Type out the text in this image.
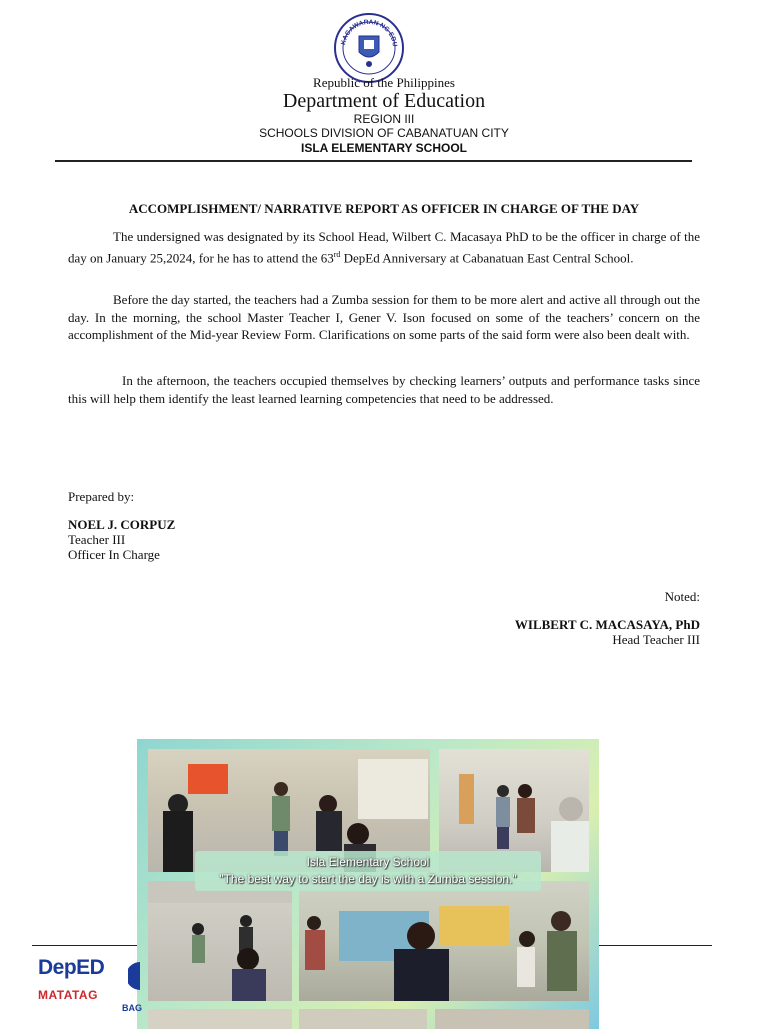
KAGAWARAN NG EDU
Republic of the Philippines
Department of Education
REGION III
SCHOOLS DIVISION OF CABANATUAN CITY
ISLA ELEMENTARY SCHOOL
ACCOMPLISHMENT/ NARRATIVE REPORT AS OFFICER IN CHARGE OF THE DAY
The undersigned was designated by its School Head, Wilbert C. Macasaya PhD to be the officer in charge of the day on January 25,2024, for he has to attend the 63rd DepEd Anniversary at Cabanatuan East Central School.
Before the day started, the teachers had a Zumba session for them to be more alert and active all through out the day. In the morning, the school Master Teacher I, Gener V. Ison focused on some of the teachers’ concern on the accomplishment of the Mid-year Review Form. Clarifications on some parts of the said form were also been dealt with.
In the afternoon, the teachers occupied themselves by checking learners’ outputs and performance tasks since this will help them identify the least learned learning competencies that need to be addressed.
Prepared by:
NOEL J. CORPUZ
Teacher III
Officer In Charge
Noted:
WILBERT C. MACASAYA, PhD
Head Teacher III
Isla Elementary School
"The best way to start the day is with a Zumba session."
DepED
MATATAG
BAG
